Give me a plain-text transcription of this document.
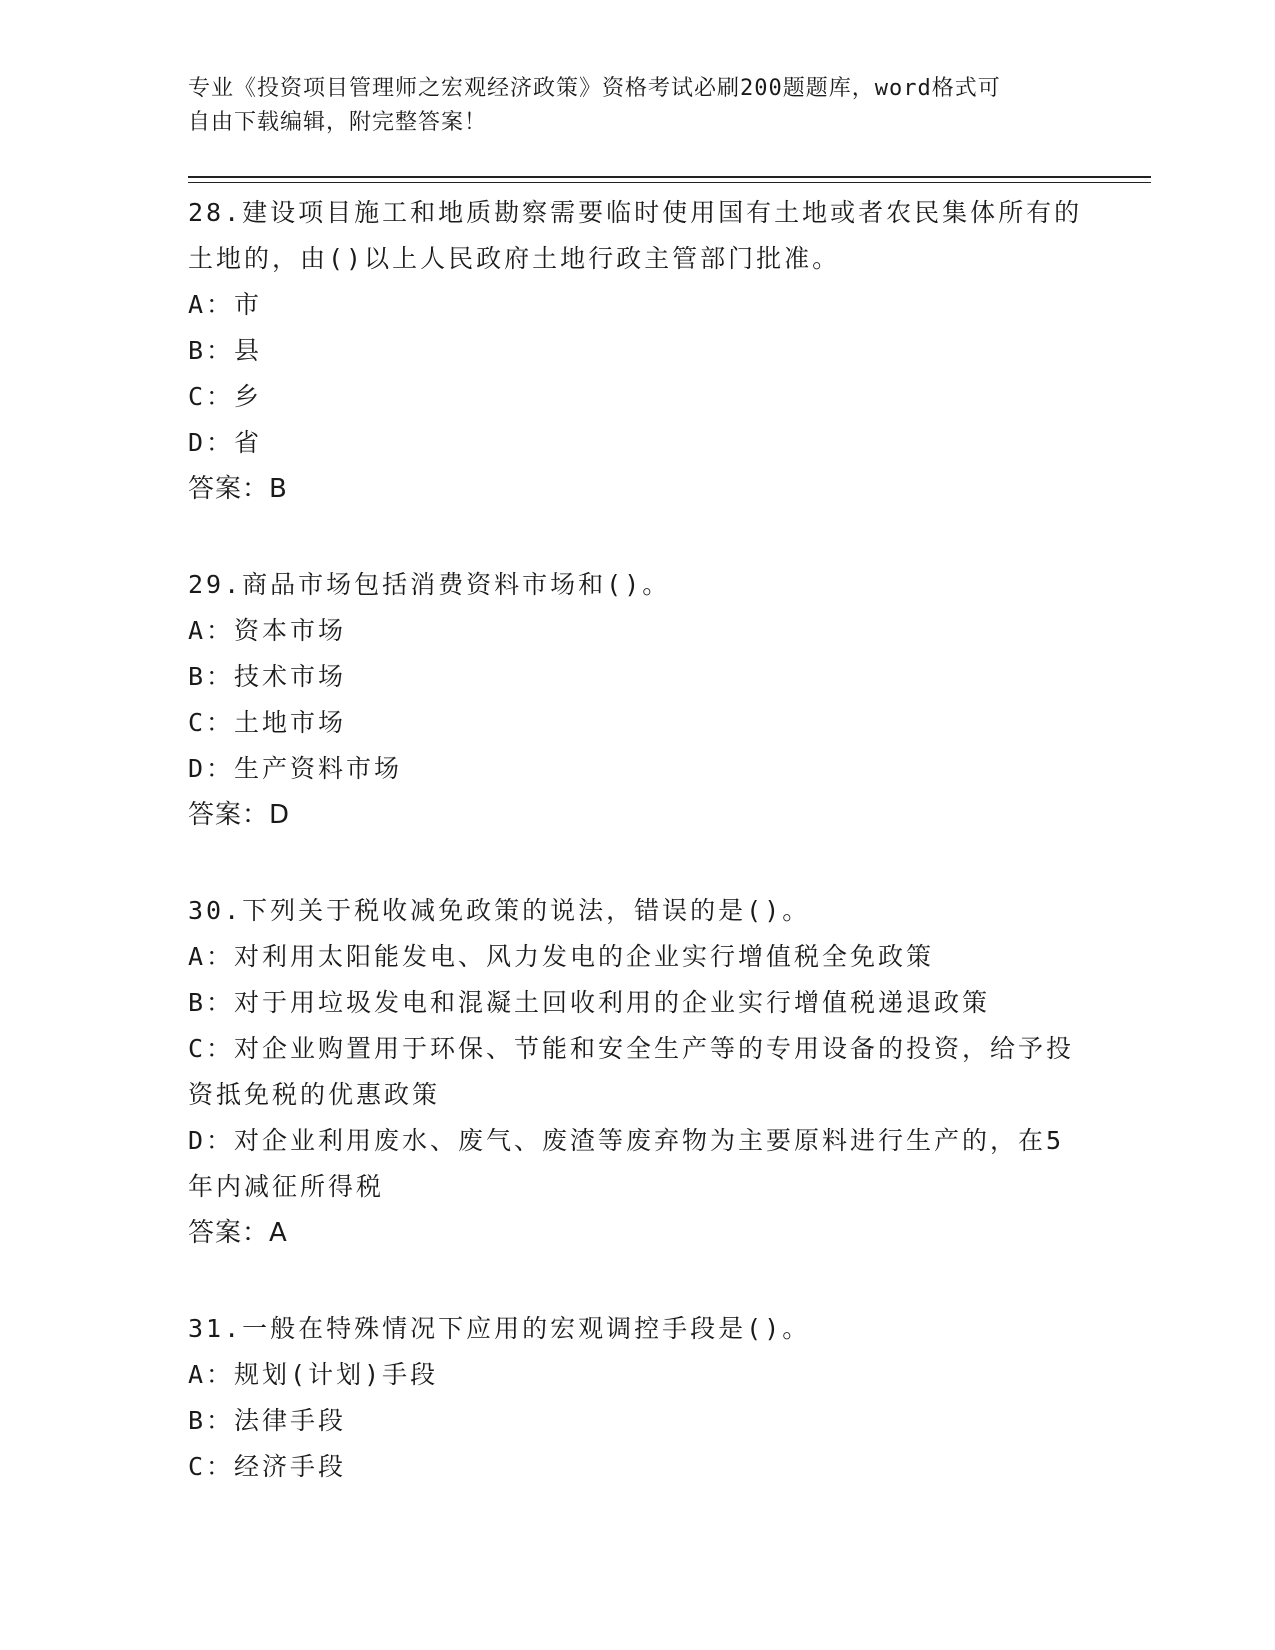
专业《投资项目管理师之宏观经济政策》资格考试必刷200题题库，word格式可
自由下载编辑，附完整答案！
28.建设项目施工和地质勘察需要临时使用国有土地或者农民集体所有的土地的，由()以上人民政府土地行政主管部门批准。
A：市
B：县
C：乡
D：省
答案：B
29.商品市场包括消费资料市场和()。
A：资本市场
B：技术市场
C：土地市场
D：生产资料市场
答案：D
30.下列关于税收减免政策的说法，错误的是()。
A：对利用太阳能发电、风力发电的企业实行增值税全免政策
B：对于用垃圾发电和混凝土回收利用的企业实行增值税递退政策
C：对企业购置用于环保、节能和安全生产等的专用设备的投资，给予投资抵免税的优惠政策
D：对企业利用废水、废气、废渣等废弃物为主要原料进行生产的，在5年内减征所得税
答案：A
31.一般在特殊情况下应用的宏观调控手段是()。
A：规划(计划)手段
B：法律手段
C：经济手段
